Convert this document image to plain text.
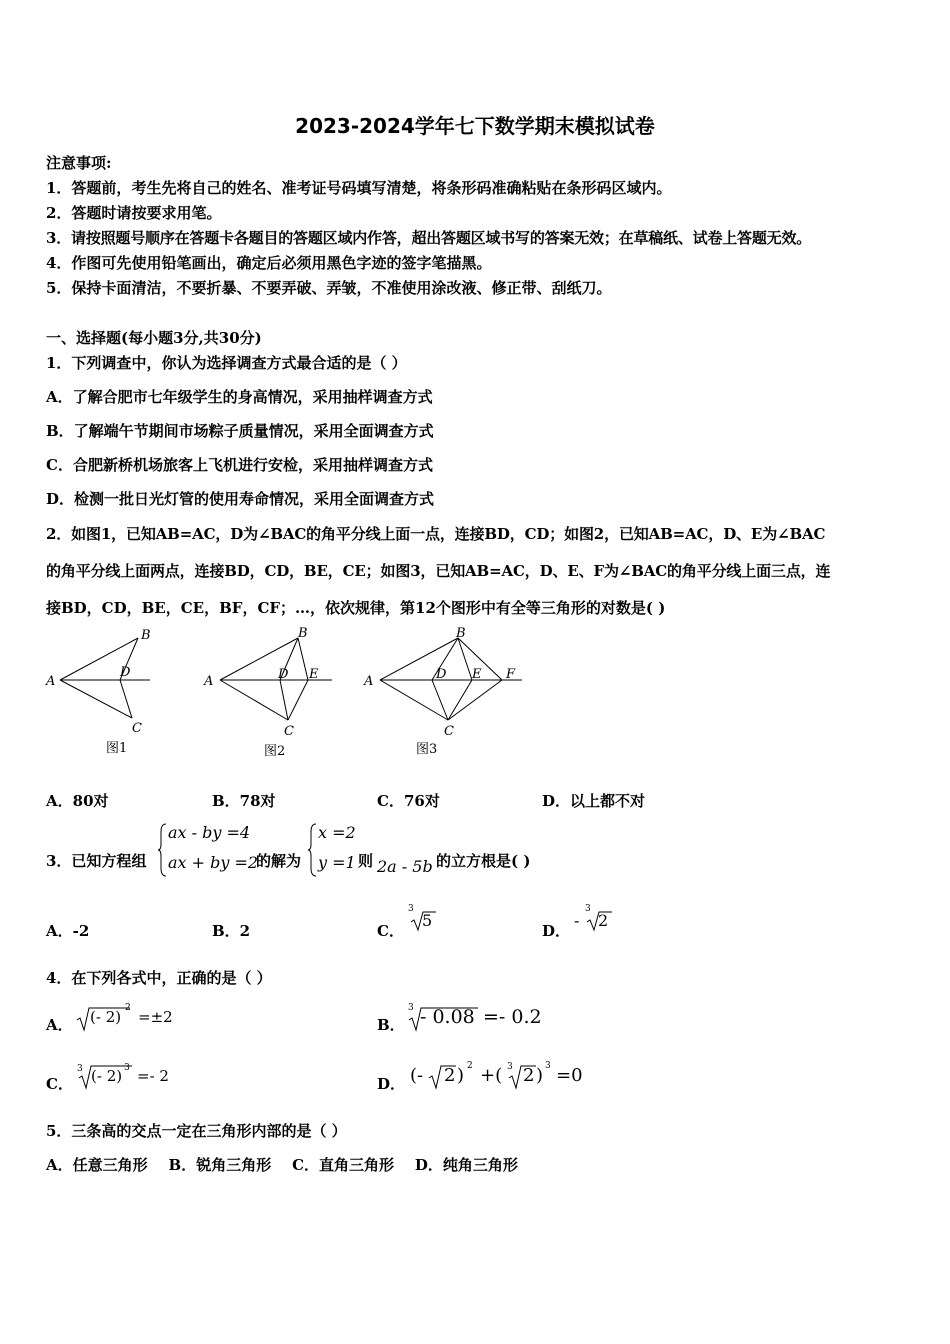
2023-2024学年七下数学期末模拟试卷
注意事项:
1．答题前，考生先将自己的姓名、准考证号码填写清楚，将条形码准确粘贴在条形码区域内。
2．答题时请按要求用笔。
3．请按照题号顺序在答题卡各题目的答题区域内作答，超出答题区域书写的答案无效；在草稿纸、试卷上答题无效。
4．作图可先使用铅笔画出，确定后必须用黑色字迹的签字笔描黑。
5．保持卡面清洁，不要折暴、不要弄破、弄皱，不准使用涂改液、修正带、刮纸刀。
一、选择题(每小题3分,共30分)
1．下列调查中，你认为选择调查方式最合适的是（ ）
A．了解合肥市七年级学生的身高情况，采用抽样调查方式
B．了解端午节期间市场粽子质量情况，采用全面调查方式
C．合肥新桥机场旅客上飞机进行安检，采用抽样调查方式
D．检测一批日光灯管的使用寿命情况，采用全面调查方式
2．如图1，已知AB=AC，D为∠BAC的角平分线上面一点，连接BD，CD；如图2，已知AB=AC，D、E为∠BAC
的角平分线上面两点，连接BD，CD，BE，CE；如图3，已知AB=AC，D、E、F为∠BAC的角平分线上面三点，连
接BD，CD，BE，CE，BF，CF；…，依次规律，第12个图形中有全等三角形的对数是( )
A
B
C
D
图1
A
B
C
D E
图2
A
B
C
D E F
图3
A．80对	B．78对	C．76对	D．以上都不对
3．已知方程组
ax - by =4
ax + by =2
的解为
x =2
y =1 则 2a - 5b 的立方根是( )
A．-2	B．2	C．
3
5
D．
-
3
2
4．在下列各式中，正确的是（ ）
A． (- 2) 2 =±2	B．
3 - 0.08 =- 0.2
C．
3 (- 2) 3 =- 2	D． (- 2 ) 2 +( 3 2 ) 3 =0
5．三条高的交点一定在三角形内部的是（ ）
A．任意三角形    B．锐角三角形    C．直角三角形    D．纯角三角形
